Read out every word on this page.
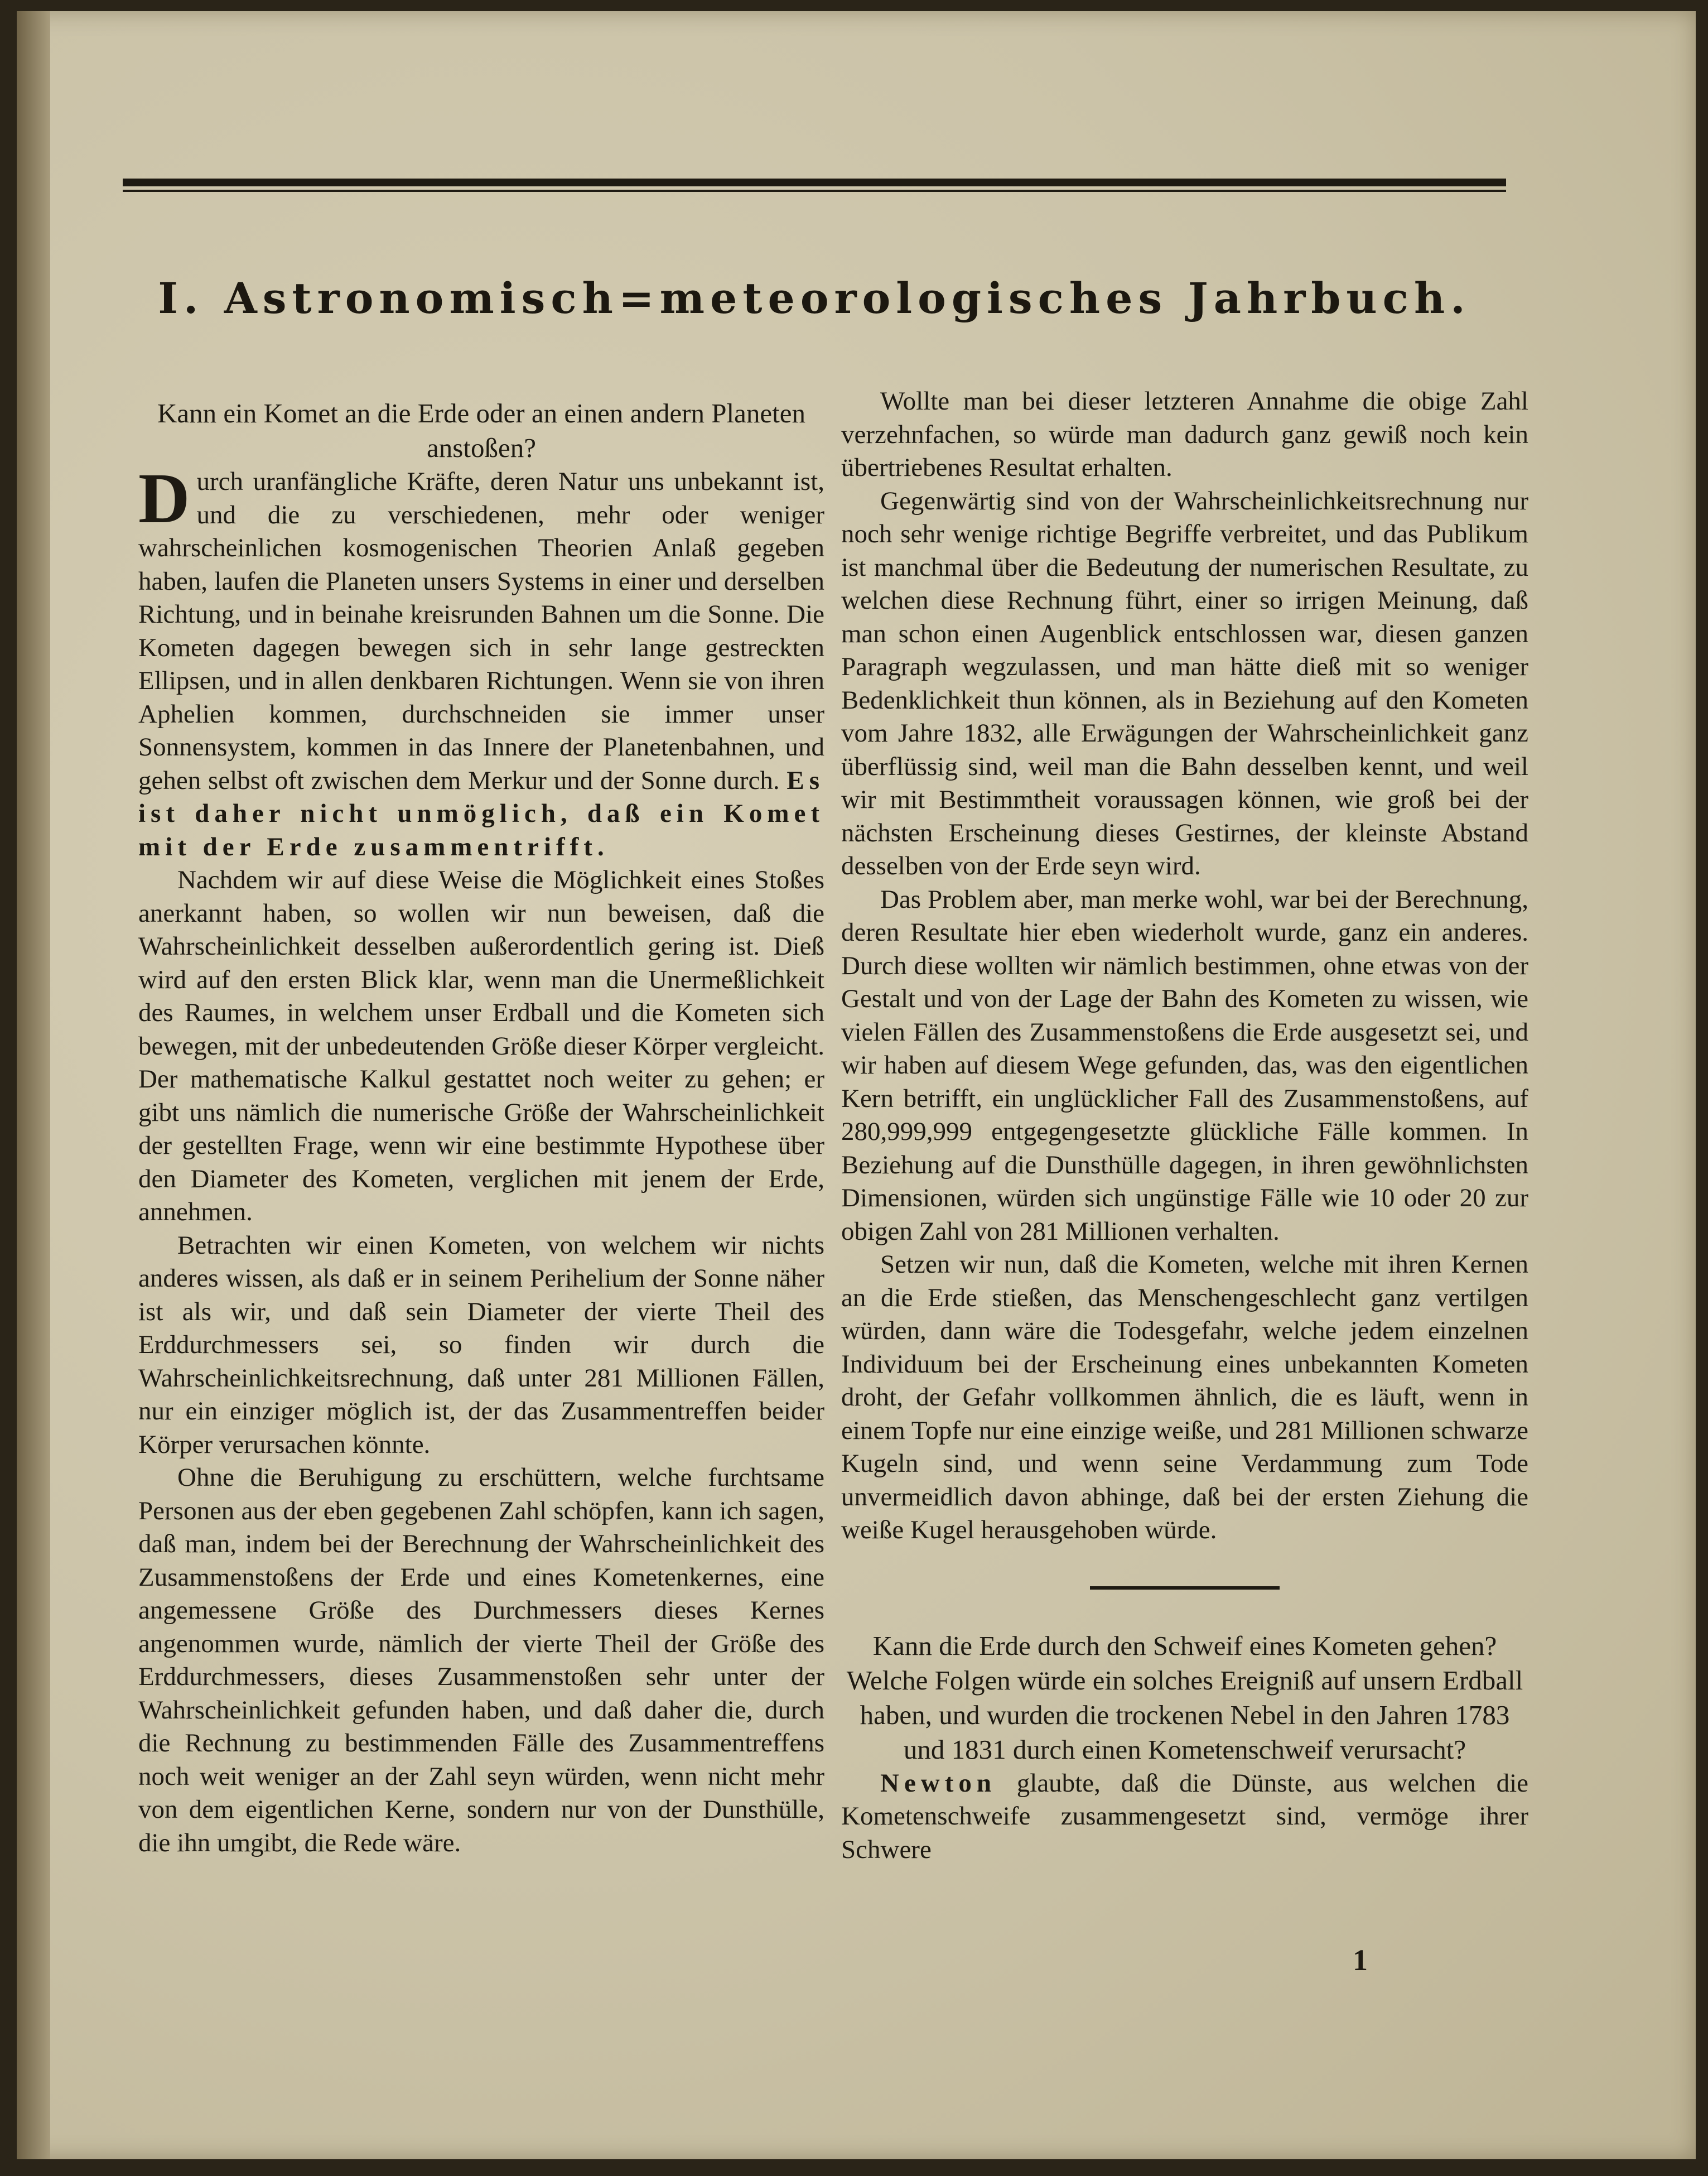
I. Astronomisch=meteorologisches Jahrbuch.
Kann ein Komet an die Erde oder an einen andern Planeten anstoßen?

Durch uranfängliche Kräfte, deren Natur uns unbekannt ist, und die zu verschiedenen, mehr oder weniger wahrscheinlichen kosmogenischen Theorien Anlaß gegeben haben, laufen die Planeten unsers Systems in einer und derselben Richtung, und in beinahe kreisrunden Bahnen um die Sonne. Die Kometen dagegen bewegen sich in sehr lange gestreckten Ellipsen, und in allen denkbaren Richtungen. Wenn sie von ihren Aphelien kommen, durchschneiden sie immer unser Sonnensystem, kommen in das Innere der Planetenbahnen, und gehen selbst oft zwischen dem Merkur und der Sonne durch. Es ist daher nicht unmöglich, daß ein Komet mit der Erde zusammentrifft.

Nachdem wir auf diese Weise die Möglichkeit eines Stoßes anerkannt haben, so wollen wir nun beweisen, daß die Wahrscheinlichkeit desselben außerordentlich gering ist. Dieß wird auf den ersten Blick klar, wenn man die Unermeßlichkeit des Raumes, in welchem unser Erdball und die Kometen sich bewegen, mit der unbedeutenden Größe dieser Körper vergleicht. Der mathematische Kalkul gestattet noch weiter zu gehen; er gibt uns nämlich die numerische Größe der Wahrscheinlichkeit der gestellten Frage, wenn wir eine bestimmte Hypothese über den Diameter des Kometen, verglichen mit jenem der Erde, annehmen.

Betrachten wir einen Kometen, von welchem wir nichts anderes wissen, als daß er in seinem Perihelium der Sonne näher ist als wir, und daß sein Diameter der vierte Theil des Erddurchmessers sei, so finden wir durch die Wahrscheinlichkeitsrechnung, daß unter 281 Millionen Fällen, nur ein einziger möglich ist, der das Zusammentreffen beider Körper verursachen könnte.

Ohne die Beruhigung zu erschüttern, welche furchtsame Personen aus der eben gegebenen Zahl schöpfen, kann ich sagen, daß man, indem bei der Berechnung der Wahrscheinlichkeit des Zusammenstoßens der Erde und eines Kometenkernes, eine angemessene Größe des Durchmessers dieses Kernes angenommen wurde, nämlich der vierte Theil der Größe des Erddurchmessers, dieses Zusammenstoßen sehr unter der Wahrscheinlichkeit gefunden haben, und daß daher die, durch die Rechnung zu bestimmenden Fälle des Zusammentreffens noch weit weniger an der Zahl seyn würden, wenn nicht mehr von dem eigentlichen Kerne, sondern nur von der Dunsthülle, die ihn umgibt, die Rede wäre.

Wollte man bei dieser letzteren Annahme die obige Zahl verzehnfachen, so würde man dadurch ganz gewiß noch kein übertriebenes Resultat erhalten.

Gegenwärtig sind von der Wahrscheinlichkeitsrechnung nur noch sehr wenige richtige Begriffe verbreitet, und das Publikum ist manchmal über die Bedeutung der numerischen Resultate, zu welchen diese Rechnung führt, einer so irrigen Meinung, daß man schon einen Augenblick entschlossen war, diesen ganzen Paragraph wegzulassen, und man hätte dieß mit so weniger Bedenklichkeit thun können, als in Beziehung auf den Kometen vom Jahre 1832, alle Erwägungen der Wahrscheinlichkeit ganz überflüssig sind, weil man die Bahn desselben kennt, und weil wir mit Bestimmtheit voraussagen können, wie groß bei der nächsten Erscheinung dieses Gestirnes, der kleinste Abstand desselben von der Erde seyn wird.

Das Problem aber, man merke wohl, war bei der Berechnung, deren Resultate hier eben wiederholt wurde, ganz ein anderes. Durch diese wollten wir nämlich bestimmen, ohne etwas von der Gestalt und von der Lage der Bahn des Kometen zu wissen, wie vielen Fällen des Zusammenstoßens die Erde ausgesetzt sei, und wir haben auf diesem Wege gefunden, das, was den eigentlichen Kern betrifft, ein unglücklicher Fall des Zusammenstoßens, auf 280,999,999 entgegengesetzte glückliche Fälle kommen. In Beziehung auf die Dunsthülle dagegen, in ihren gewöhnlichsten Dimensionen, würden sich ungünstige Fälle wie 10 oder 20 zur obigen Zahl von 281 Millionen verhalten.

Setzen wir nun, daß die Kometen, welche mit ihren Kernen an die Erde stießen, das Menschengeschlecht ganz vertilgen würden, dann wäre die Todesgefahr, welche jedem einzelnen Individuum bei der Erscheinung eines unbekannten Kometen droht, der Gefahr vollkommen ähnlich, die es läuft, wenn in einem Topfe nur eine einzige weiße, und 281 Millionen schwarze Kugeln sind, und wenn seine Verdammung zum Tode unvermeidlich davon abhinge, daß bei der ersten Ziehung die weiße Kugel herausgehoben würde.

Kann die Erde durch den Schweif eines Kometen gehen? Welche Folgen würde ein solches Ereigniß auf unsern Erdball haben, und wurden die trockenen Nebel in den Jahren 1783 und 1831 durch einen Kometenschweif verursacht?

Newton glaubte, daß die Dünste, aus welchen die Kometenschweife zusammengesetzt sind, vermöge ihrer Schwere

1
